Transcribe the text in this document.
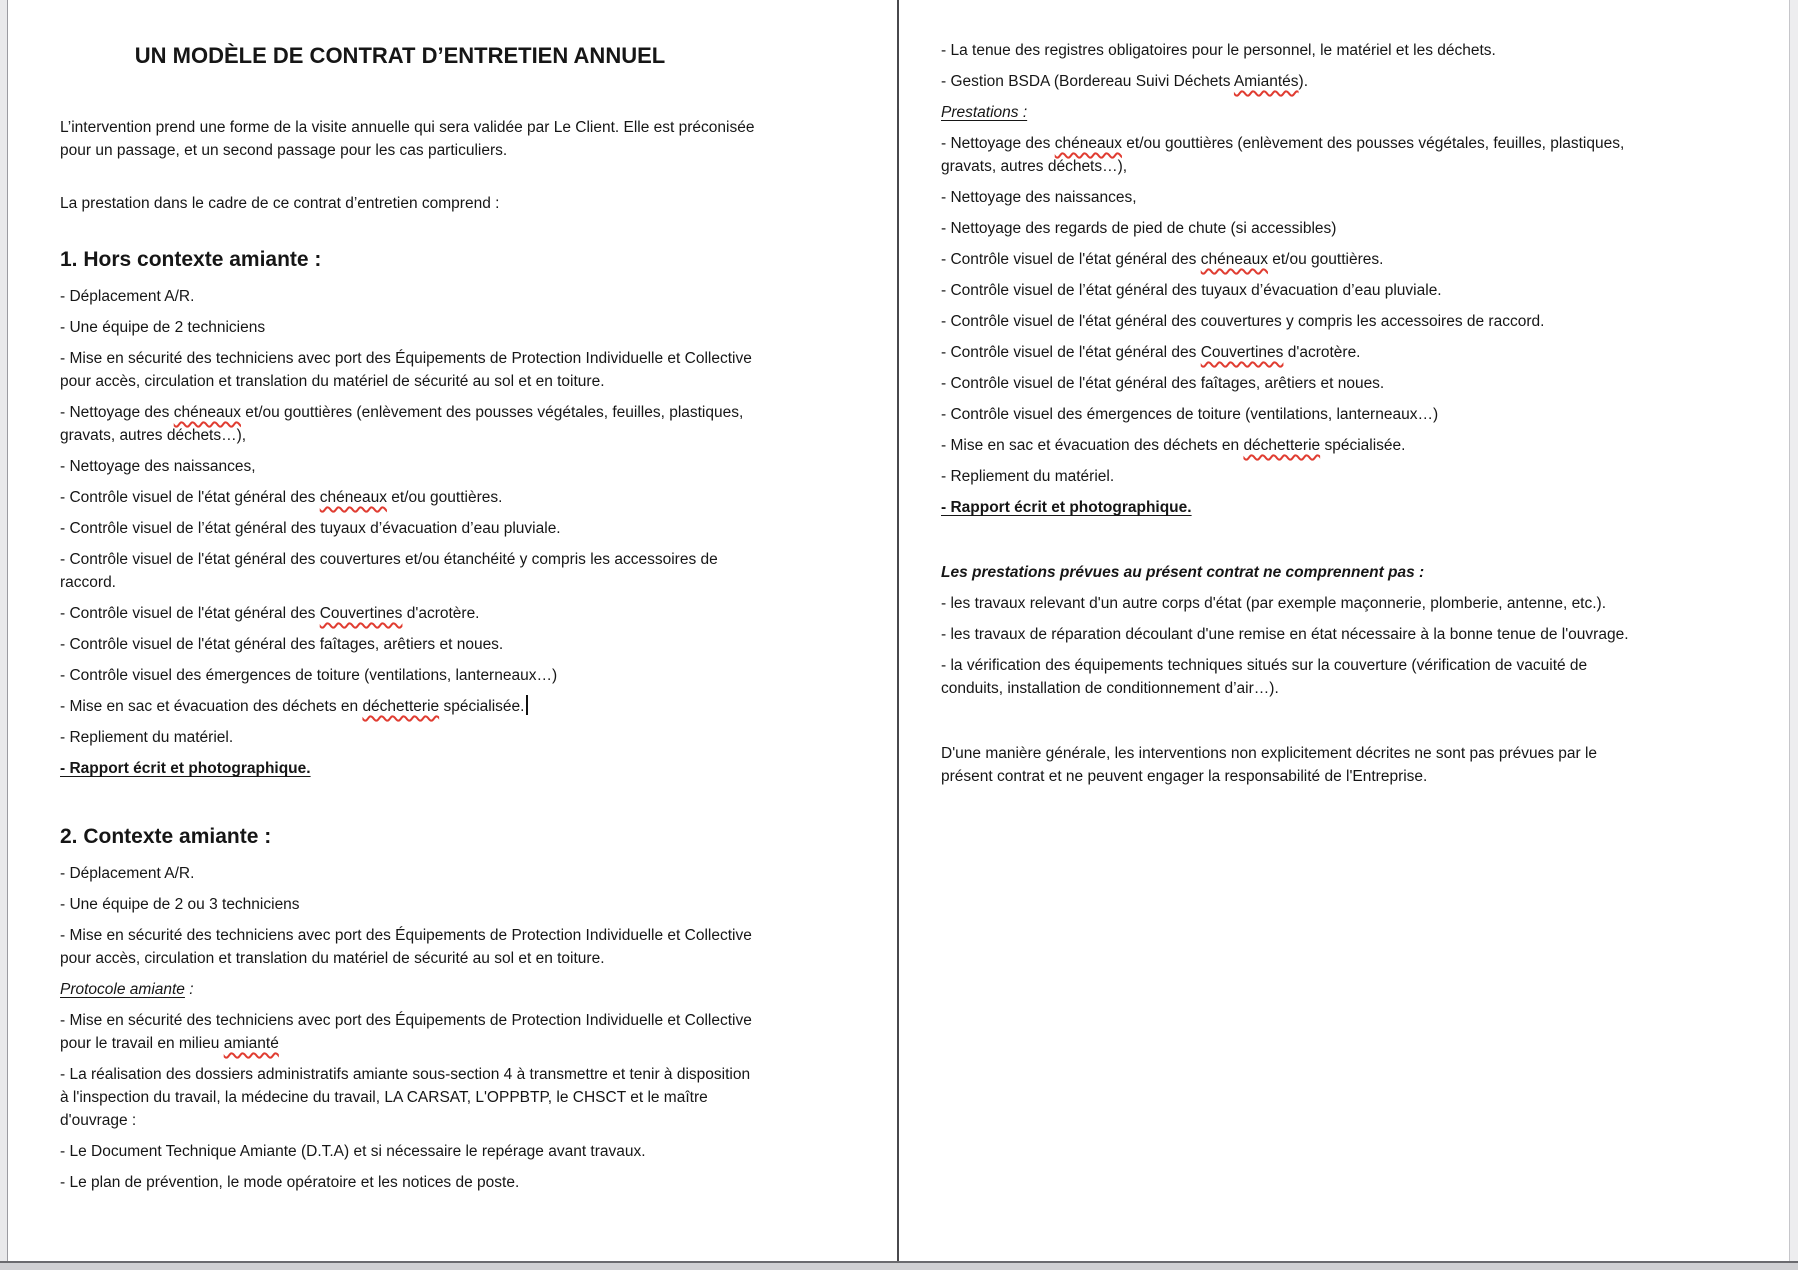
UN MODÈLE DE CONTRAT D’ENTRETIEN ANNUEL
L’intervention prend une forme de la visite annuelle qui sera validée par Le Client. Elle est préconisée
pour un passage, et un second passage pour les cas particuliers.
La prestation dans le cadre de ce contrat d’entretien comprend :
1. Hors contexte amiante :
- Déplacement A/R.
- Une équipe de 2 techniciens
- Mise en sécurité des techniciens avec port des Équipements de Protection Individuelle et Collective
pour accès, circulation et translation du matériel de sécurité au sol et en toiture.
- Nettoyage des chéneaux et/ou gouttières (enlèvement des pousses végétales, feuilles, plastiques,
gravats, autres déchets…),
- Nettoyage des naissances,
- Contrôle visuel de l'état général des chéneaux et/ou gouttières.
- Contrôle visuel de l’état général des tuyaux d’évacuation d’eau pluviale.
- Contrôle visuel de l'état général des couvertures et/ou étanchéité y compris les accessoires de
raccord.
- Contrôle visuel de l'état général des Couvertines d'acrotère.
- Contrôle visuel de l'état général des faîtages, arêtiers et noues.
- Contrôle visuel des émergences de toiture (ventilations, lanterneaux…)
- Mise en sac et évacuation des déchets en déchetterie spécialisée.
- Repliement du matériel.
- Rapport écrit et photographique.
2. Contexte amiante :
- Déplacement A/R.
- Une équipe de 2 ou 3 techniciens
- Mise en sécurité des techniciens avec port des Équipements de Protection Individuelle et Collective
pour accès, circulation et translation du matériel de sécurité au sol et en toiture.
Protocole amiante :
- Mise en sécurité des techniciens avec port des Équipements de Protection Individuelle et Collective
pour le travail en milieu amianté
- La réalisation des dossiers administratifs amiante sous-section 4 à transmettre et tenir à disposition
à l'inspection du travail, la médecine du travail, LA CARSAT, L'OPPBTP, le CHSCT et le maître
d'ouvrage :
- Le Document Technique Amiante (D.T.A) et si nécessaire le repérage avant travaux.
- Le plan de prévention, le mode opératoire et les notices de poste.
- La tenue des registres obligatoires pour le personnel, le matériel et les déchets.
- Gestion BSDA (Bordereau Suivi Déchets Amiantés).
Prestations :
- Nettoyage des chéneaux et/ou gouttières (enlèvement des pousses végétales, feuilles, plastiques,
gravats, autres déchets…),
- Nettoyage des naissances,
- Nettoyage des regards de pied de chute (si accessibles)
- Contrôle visuel de l'état général des chéneaux et/ou gouttières.
- Contrôle visuel de l’état général des tuyaux d’évacuation d’eau pluviale.
- Contrôle visuel de l'état général des couvertures y compris les accessoires de raccord.
- Contrôle visuel de l'état général des Couvertines d'acrotère.
- Contrôle visuel de l'état général des faîtages, arêtiers et noues.
- Contrôle visuel des émergences de toiture (ventilations, lanterneaux…)
- Mise en sac et évacuation des déchets en déchetterie spécialisée.
- Repliement du matériel.
- Rapport écrit et photographique.
Les prestations prévues au présent contrat ne comprennent pas :
- les travaux relevant d'un autre corps d'état (par exemple maçonnerie, plomberie, antenne, etc.).
- les travaux de réparation découlant d'une remise en état nécessaire à la bonne tenue de l'ouvrage.
- la vérification des équipements techniques situés sur la couverture (vérification de vacuité de
conduits, installation de conditionnement d’air…).
D'une manière générale, les interventions non explicitement décrites ne sont pas prévues par le
présent contrat et ne peuvent engager la responsabilité de l'Entreprise.
